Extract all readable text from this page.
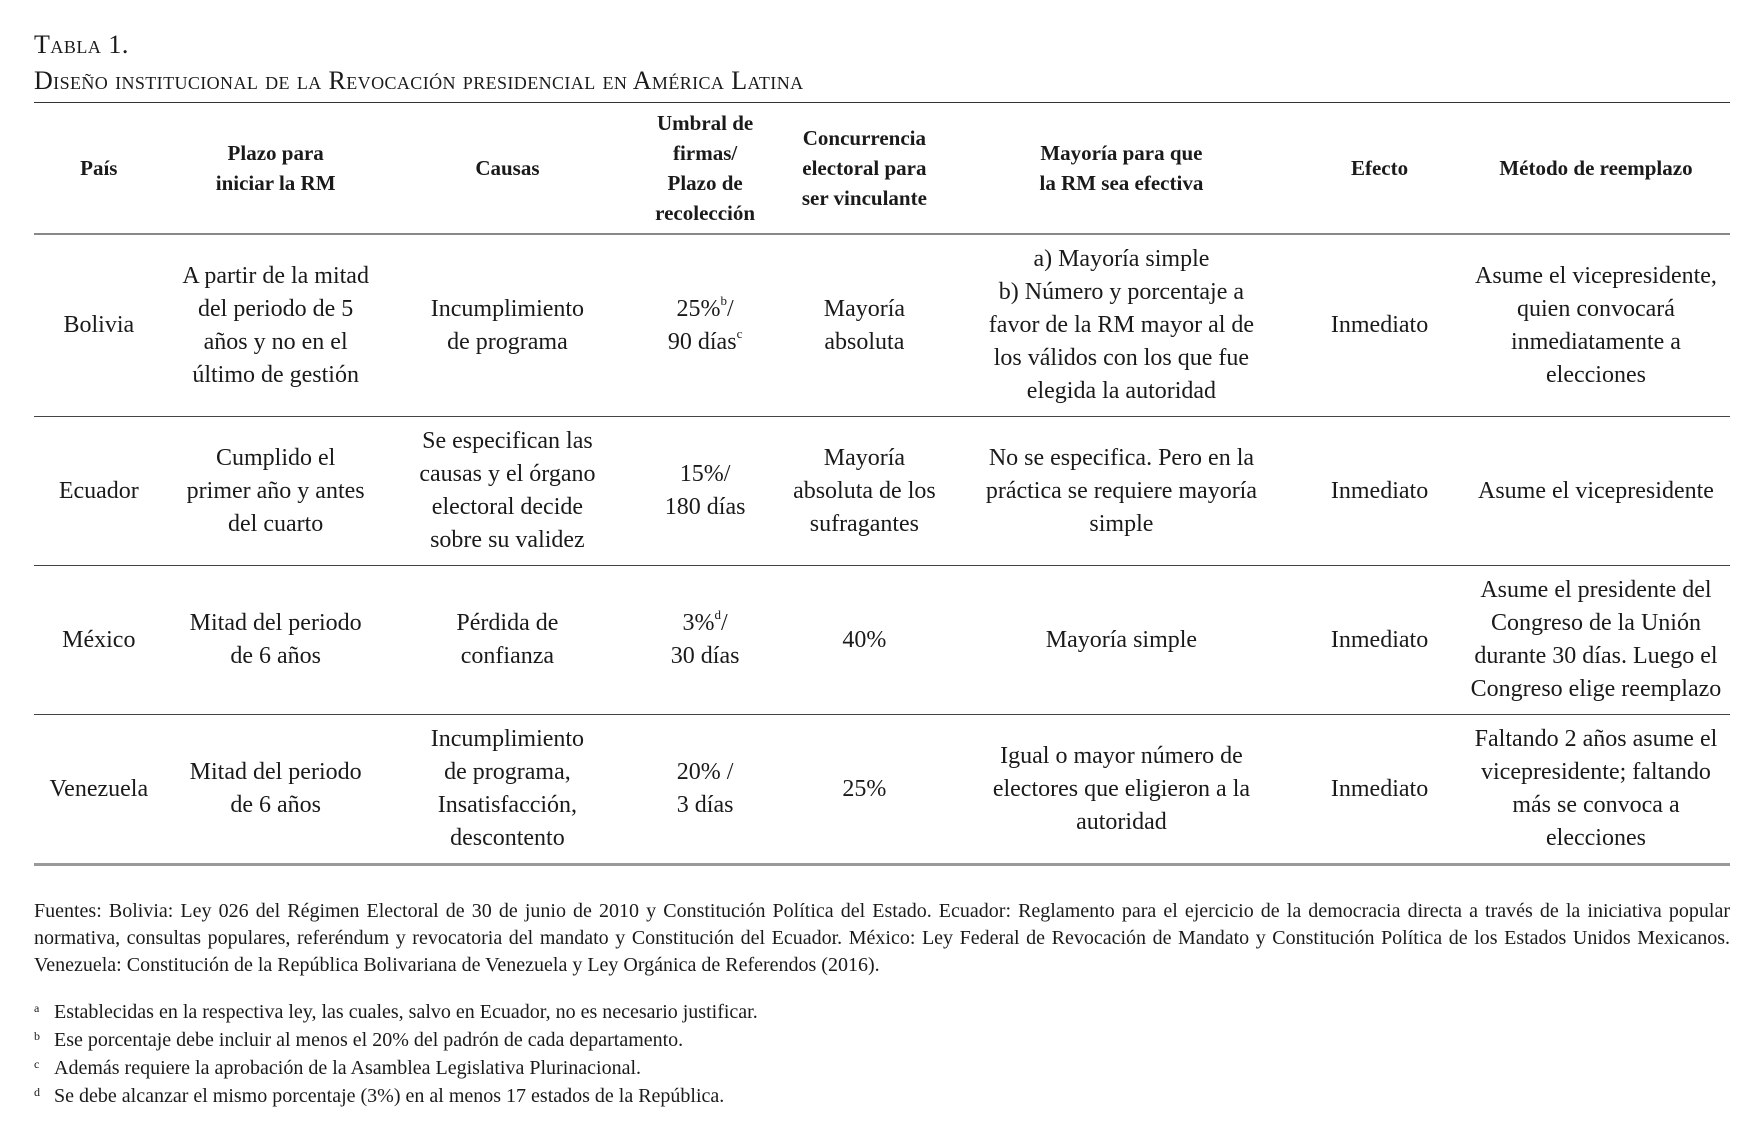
Tabla 1.

Diseño institucional de la Revocación presidencial en América Latina

País	Plazo para
iniciar la RM	Causas	Umbral de
firmas/
Plazo de
recolección	Concurrencia
electoral para
ser vinculante	Mayoría para que
la RM sea efectiva	Efecto	Método de reemplazo

Bolivia	A partir de la mitad
del periodo de 5
años y no en el
último de gestión	Incumplimiento
de programa	25%$^b$/
90 días$^c$	Mayoría
absoluta	a) Mayoría simple
b) Número y porcentaje a
favor de la RM mayor al de
los válidos con los que fue
elegida la autoridad	Inmediato	Asume el vicepresidente,
quien convocará
inmediatamente a
elecciones

Ecuador	Cumplido el
primer año y antes
del cuarto	Se especifican las
causas y el órgano
electoral decide
sobre su validez	15%/
180 días	Mayoría
absoluta de los
sufragantes	No se especifica. Pero en la
práctica se requiere mayoría
simple	Inmediato	Asume el vicepresidente

México	Mitad del periodo
de 6 años	Pérdida de
confianza	3%$^d$/
30 días	40%	Mayoría simple	Inmediato	Asume el presidente del
Congreso de la Unión
durante 30 días. Luego el
Congreso elige reemplazo

Venezuela	Mitad del periodo
de 6 años	Incumplimiento
de programa,
Insatisfacción,
descontento	20% /
3 días	25%	Igual o mayor número de
electores que eligieron a la
autoridad	Inmediato	Faltando 2 años asume el
vicepresidente; faltando
más se convoca a elecciones

Fuentes: Bolivia: Ley 026 del Régimen Electoral de 30 de junio de 2010 y Constitución Política del Estado. Ecuador: Reglamento para el ejercicio de la democracia directa a través de la iniciativa popular normativa, consultas populares, referéndum y revocatoria del mandato y Constitución del Ecuador. México: Ley Federal de Revocación de Mandato y Constitución Política de los Estados Unidos Mexicanos. Venezuela: Constitución de la República Bolivariana de Venezuela y Ley Orgánica de Referendos (2016).

a Establecidas en la respectiva ley, las cuales, salvo en Ecuador, no es necesario justificar.
b Ese porcentaje debe incluir al menos el 20% del padrón de cada departamento.
c Además requiere la aprobación de la Asamblea Legislativa Plurinacional.
d Se debe alcanzar el mismo porcentaje (3%) en al menos 17 estados de la República.
